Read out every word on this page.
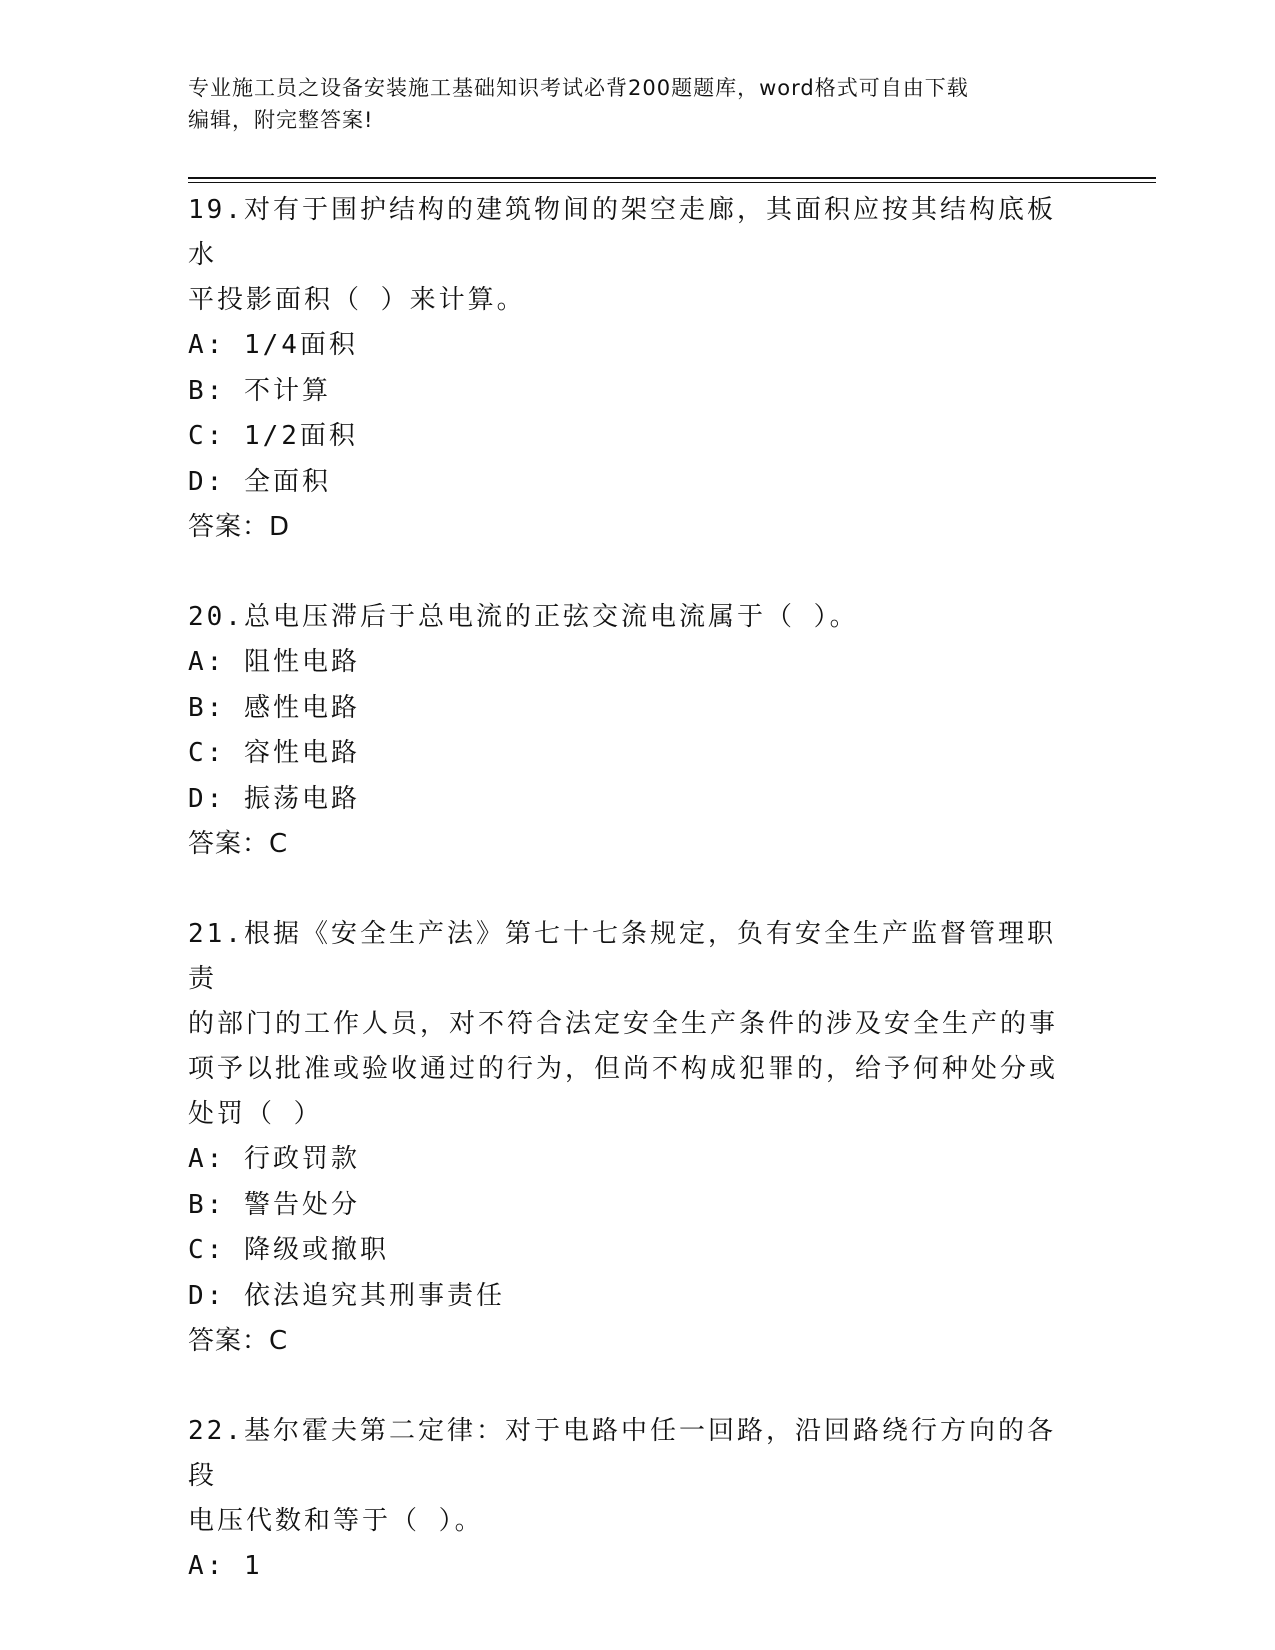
专业施工员之设备安装施工基础知识考试必背200题题库，word格式可自由下载
编辑，附完整答案!
19.对有于围护结构的建筑物间的架空走廊，其面积应按其结构底板水
平投影面积（ ）来计算。
A: 1/4面积
B: 不计算
C: 1/2面积
D: 全面积
答案：D
20.总电压滞后于总电流的正弦交流电流属于（ ）。
A: 阻性电路
B: 感性电路
C: 容性电路
D: 振荡电路
答案：C
21.根据《安全生产法》第七十七条规定，负有安全生产监督管理职责
的部门的工作人员，对不符合法定安全生产条件的涉及安全生产的事
项予以批准或验收通过的行为，但尚不构成犯罪的，给予何种处分或
处罚（ ）
A: 行政罚款
B: 警告处分
C: 降级或撤职
D: 依法追究其刑事责任
答案：C
22.基尔霍夫第二定律：对于电路中任一回路，沿回路绕行方向的各段
电压代数和等于（ ）。
A: 1
